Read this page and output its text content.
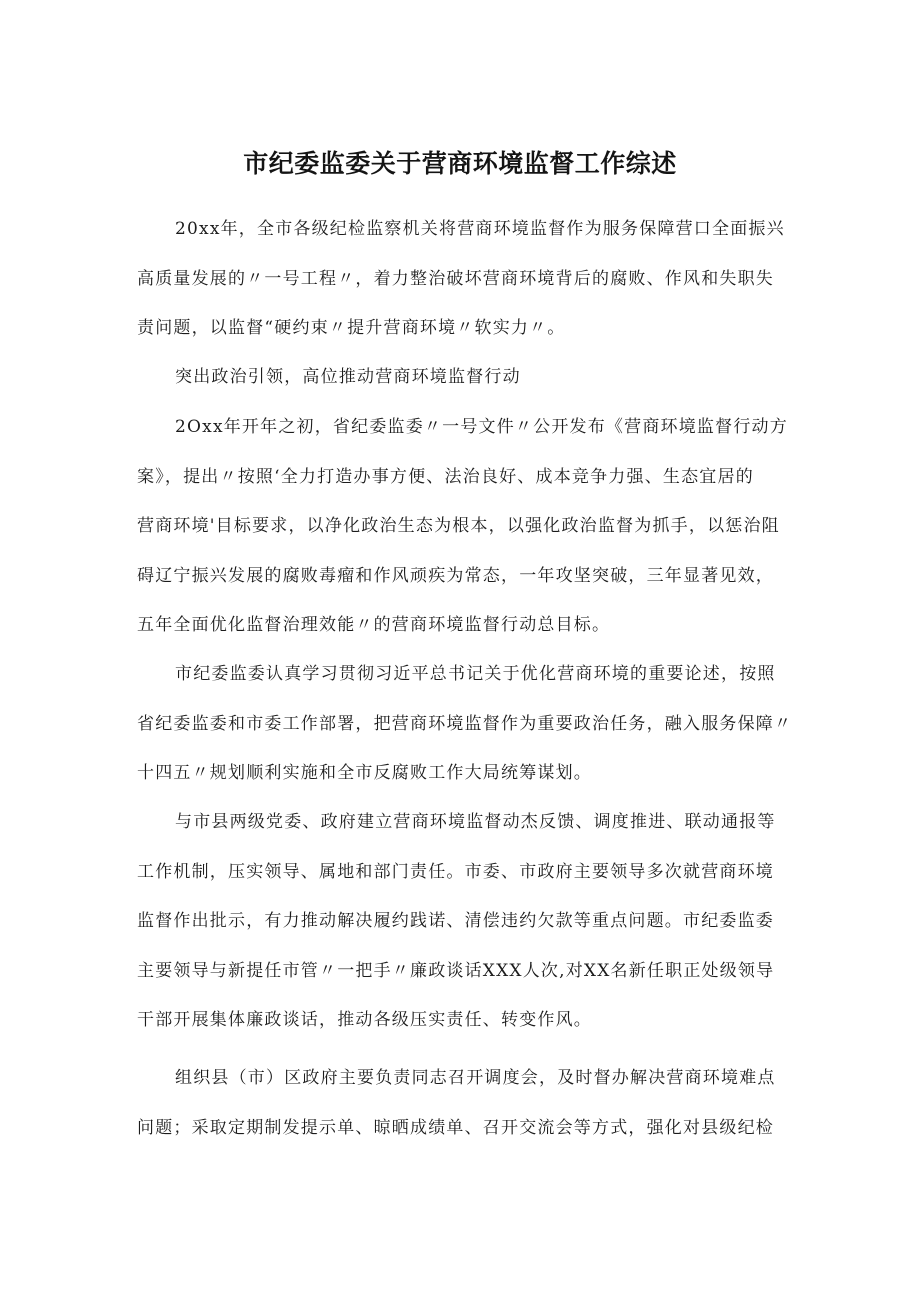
市纪委监委关于营商环境监督工作综述

20xx年，全市各级纪检监察机关将营商环境监督作为服务保障营口全面振兴
高质量发展的〃一号工程〃，着力整治破坏营商环境背后的腐败、作风和失职失
责问题，以监督“硬约束〃提升营商环境〃软实力〃。

突出政治引领，高位推动营商环境监督行动

2Oxx年开年之初，省纪委监委〃一号文件〃公开发布《营商环境监督行动方
案》，提出〃按照‘全力打造办事方便、法治良好、成本竞争力强、生态宜居的
营商环境'目标要求，以净化政治生态为根本，以强化政治监督为抓手，以惩治阻
碍辽宁振兴发展的腐败毒瘤和作风顽疾为常态，一年攻坚突破，三年显著见效，
五年全面优化监督治理效能〃的营商环境监督行动总目标。

市纪委监委认真学习贯彻习近平总书记关于优化营商环境的重要论述，按照
省纪委监委和市委工作部署，把营商环境监督作为重要政治任务，融入服务保障〃
十四五〃规划顺利实施和全市反腐败工作大局统筹谋划。

与市县两级党委、政府建立营商环境监督动杰反馈、调度推进、联动通报等
工作机制，压实领导、属地和部门责任。市委、市政府主要领导多次就营商环境
监督作出批示，有力推动解决履约践诺、清偿违约欠款等重点问题。市纪委监委
主要领导与新提任市管〃一把手〃廉政谈话XXX人次,对XX名新任职正处级领导
干部开展集体廉政谈话，推动各级压实责任、转变作风。

组织县（市）区政府主要负责同志召开调度会，及时督办解决营商环境难点
问题；采取定期制发提示单、晾晒成绩单、召开交流会等方式，强化对县级纪检
